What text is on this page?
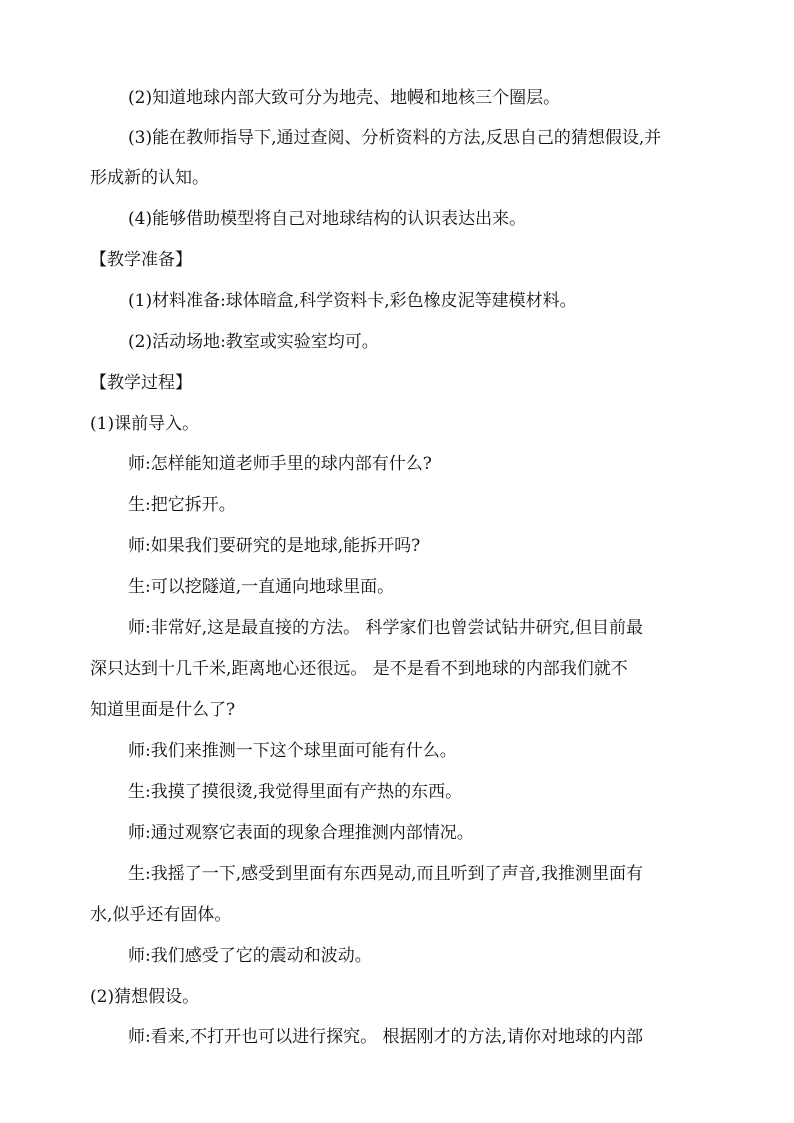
(2)知道地球内部大致可分为地壳、地幔和地核三个圈层。
(3)能在教师指导下,通过查阅、分析资料的方法,反思自己的猜想假设,并
形成新的认知。
(4)能够借助模型将自己对地球结构的认识表达出来。
【教学准备】
(1)材料准备:球体暗盒,科学资料卡,彩色橡皮泥等建模材料。
(2)活动场地:教室或实验室均可。
【教学过程】
(1)课前导入。
师:怎样能知道老师手里的球内部有什么?
生:把它拆开。
师:如果我们要研究的是地球,能拆开吗?
生:可以挖隧道,一直通向地球里面。
师:非常好,这是最直接的方法。 科学家们也曾尝试钻井研究,但目前最
深只达到十几千米,距离地心还很远。 是不是看不到地球的内部我们就不
知道里面是什么了?
师:我们来推测一下这个球里面可能有什么。
生:我摸了摸很烫,我觉得里面有产热的东西。
师:通过观察它表面的现象合理推测内部情况。
生:我摇了一下,感受到里面有东西晃动,而且听到了声音,我推测里面有
水,似乎还有固体。
师:我们感受了它的震动和波动。
(2)猜想假设。
师:看来,不打开也可以进行探究。 根据刚才的方法,请你对地球的内部
